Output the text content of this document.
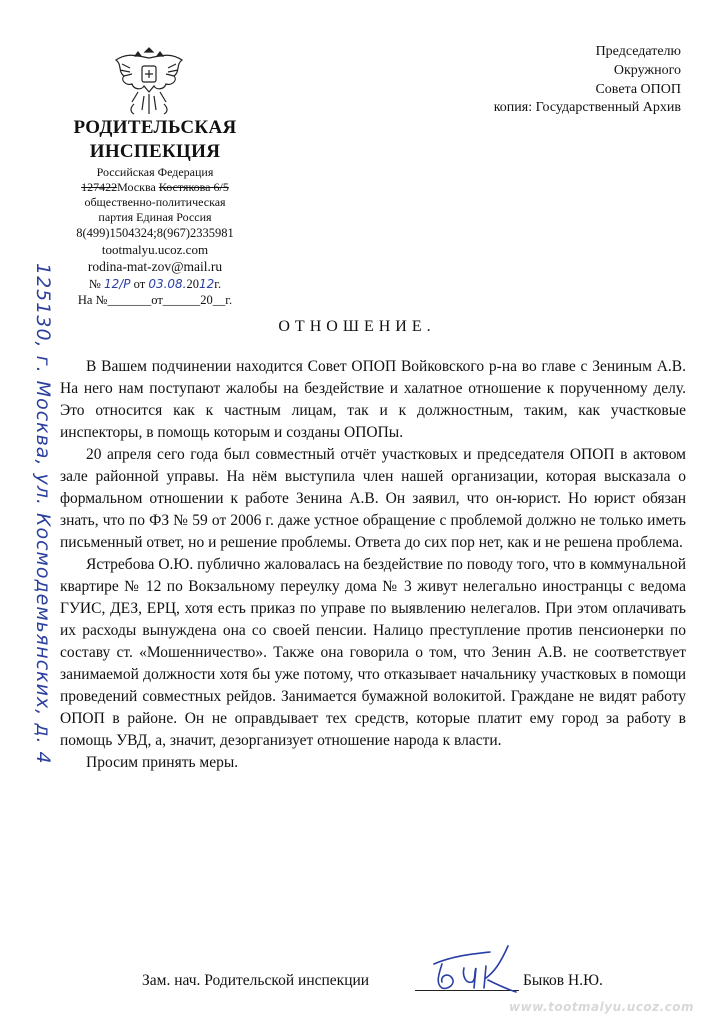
РОДИТЕЛЬСКАЯ
ИНСПЕКЦИЯ
Российская Федерация
127422Москва Костякова 6/5
общественно-политическая
партия Единая Россия
8(499)1504324;8(967)2335981
tootmalyu.ucoz.com
rodina-mat-zov@mail.ru
№ 12/Р от 03.08.2012г.
На №_______от______20__г.
Председателю
Окружного
Совета ОПОП
копия: Государственный Архив
125130, г. Москва, ул. Космодемьянских, д. 4	ОТНОШЕНИЕ.

В Вашем подчинении находится Совет ОПОП Войковского р-на во главе с Зениным А.В. На него нам поступают жалобы на бездействие и халатное отношение к порученному делу. Это относится как к частным лицам, так и к должностным, таким, как участковые инспекторы, в помощь которым и созданы ОПОПы.

20 апреля сего года был совместный отчёт участковых и председателя ОПОП в актовом зале районной управы. На нём выступила член нашей организации, которая высказала о формальном отношении к работе Зенина А.В. Он заявил, что он-юрист. Но юрист обязан знать, что по ФЗ № 59 от 2006 г. даже устное обращение с проблемой должно не только иметь письменный ответ, но и решение проблемы. Ответа до сих пор нет, как и не решена проблема.

Ястребова О.Ю. публично жаловалась на бездействие по поводу того, что в коммунальной квартире № 12 по Вокзальному переулку дома № 3 живут нелегально иностранцы с ведома ГУИС, ДЕЗ, ЕРЦ, хотя есть приказ по управе по выявлению нелегалов. При этом оплачивать их расходы вынуждена она со своей пенсии. Налицо преступление против пенсионерки по составу ст. «Мошенничество». Также она говорила о том, что Зенин А.В. не соответствует занимаемой должности хотя бы уже потому, что отказывает начальнику участковых в помощи проведений совместных рейдов. Занимается бумажной волокитой. Граждане не видят работу ОПОП в районе. Он не оправдывает тех средств, которые платит ему город за работу в помощь УВД, а, значит, дезорганизует отношение народа к власти.

Просим принять меры.

Зам. нач. Родительской инспекции	Быков Н.Ю.
www.tootmalyu.ucoz.com
